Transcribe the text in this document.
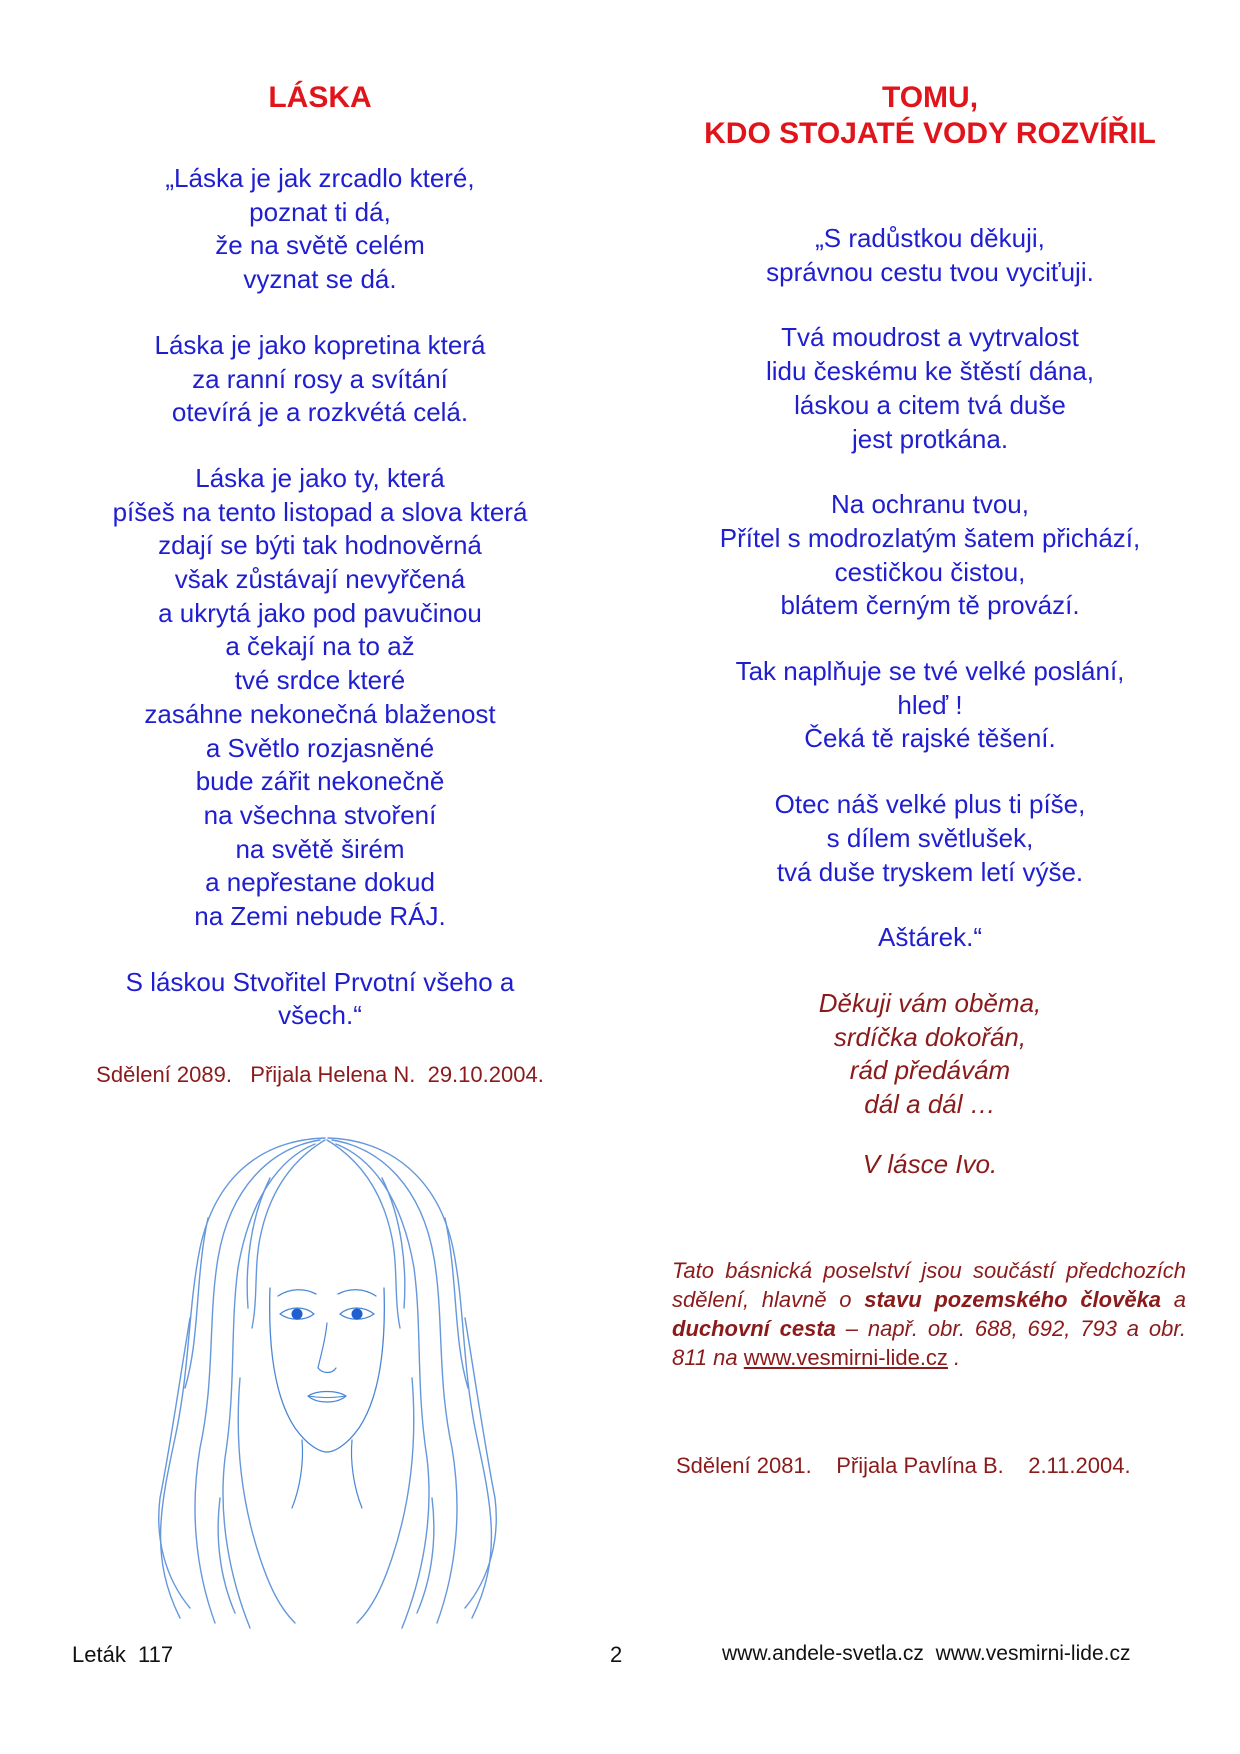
LÁSKA
„Láska je jak zrcadlo které,
poznat ti dá,
že na světě celém
vyznat se dá.
Láska je jako kopretina která
za ranní rosy a svítání
otevírá je a rozkvétá celá.
Láska je jako ty, která
píšeš na tento listopad a slova která
zdají se býti tak hodnověrná
však zůstávají nevyřčená
a ukrytá jako pod pavučinou
a čekají na to až
tvé srdce které
zasáhne nekonečná blaženost
a Světlo rozjasněné
bude zářit nekonečně
na všechna stvoření
na světě širém
a nepřestane dokud
na Zemi nebude RÁJ.
S láskou Stvořitel Prvotní všeho a
všech.“
Sdělení 2089.   Přijala Helena N.  29.10.2004.
TOMU,
KDO STOJATÉ VODY ROZVÍŘIL
„S radůstkou děkuji,
správnou cestu tvou vyciťuji.
Tvá moudrost a vytrvalost
lidu českému ke štěstí dána,
láskou a citem tvá duše
jest protkána.
Na ochranu tvou,
Přítel s modrozlatým šatem přichází,
cestičkou čistou,
blátem černým tě provází.
Tak naplňuje se tvé velké poslání,
hleď !
Čeká tě rajské těšení.
Otec náš velké plus ti píše,
s dílem světlušek,
tvá duše tryskem letí výše.
Aštárek.“
Děkuji vám oběma,
srdíčka dokořán,
rád předávám
dál a dál …
V lásce Ivo.
Tato básnická poselství jsou součástí předchozích sdělení, hlavně o stavu pozemského člověka a duchovní cesta – např. obr. 688, 692, 793 a obr. 811 na www.vesmirni-lide.cz .
Sdělení 2081.    Přijala Pavlína B.    2.11.2004.
Leták  117	2	www.andele-svetla.cz  www.vesmirni-lide.cz
